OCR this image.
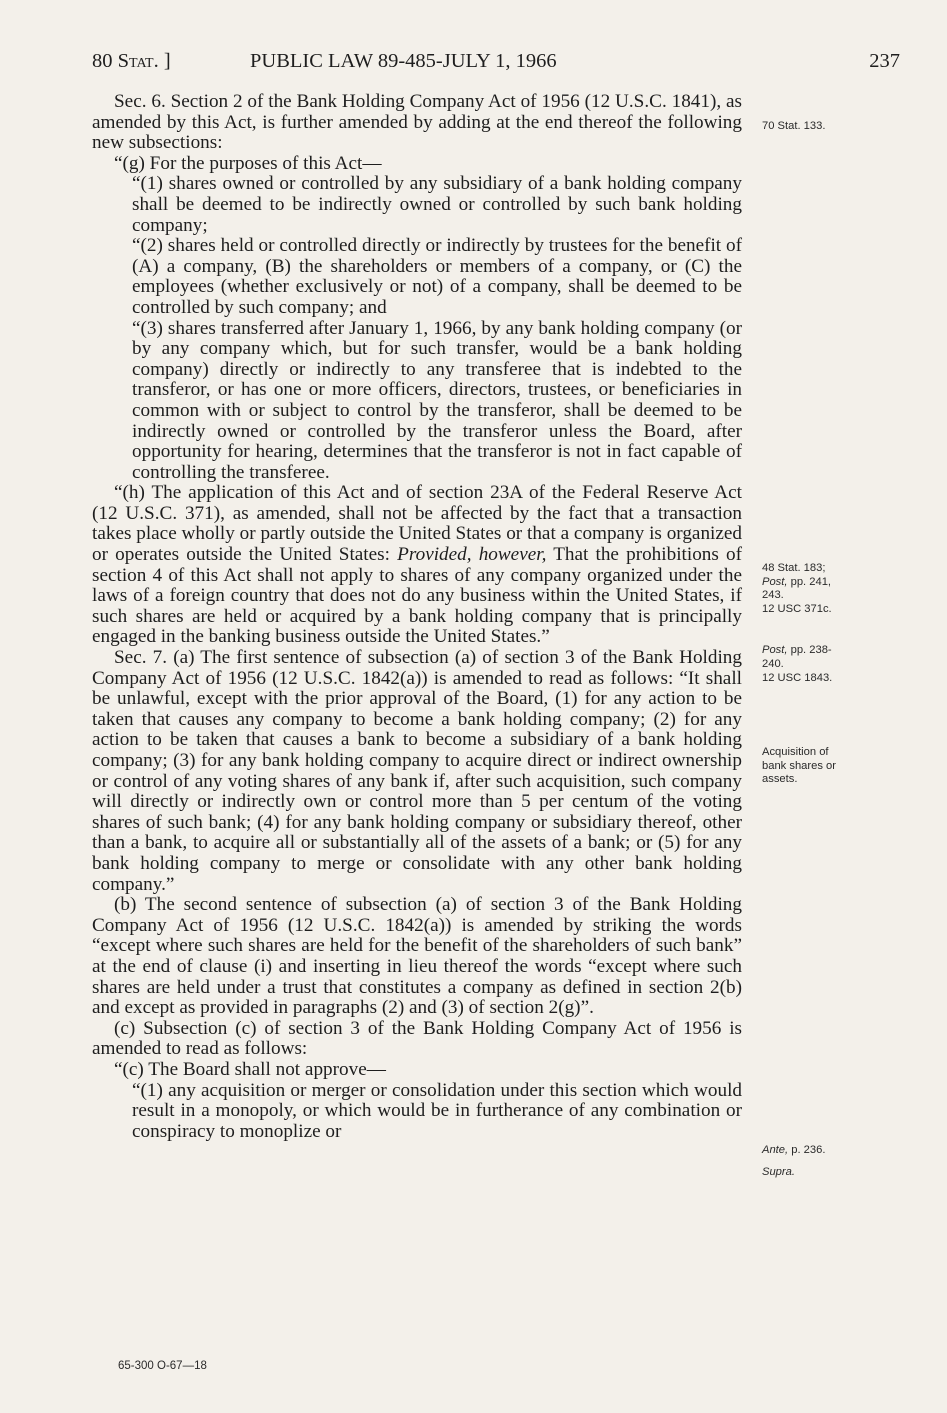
80 Stat. ]	PUBLIC LAW 89-485-JULY 1, 1966	237

Sec. 6. Section 2 of the Bank Holding Company Act of 1956 (12 U.S.C. 1841), as amended by this Act, is further amended by adding at the end thereof the following new subsections:

“(g) For the purposes of this Act—

“(1) shares owned or controlled by any subsidiary of a bank holding company shall be deemed to be indirectly owned or controlled by such bank holding company;

“(2) shares held or controlled directly or indirectly by trustees for the benefit of (A) a company, (B) the shareholders or members of a company, or (C) the employees (whether exclusively or not) of a company, shall be deemed to be controlled by such company; and

“(3) shares transferred after January 1, 1966, by any bank holding company (or by any company which, but for such transfer, would be a bank holding company) directly or indirectly to any transferee that is indebted to the transferor, or has one or more officers, directors, trustees, or beneficiaries in common with or subject to control by the transferor, shall be deemed to be indirectly owned or controlled by the transferor unless the Board, after opportunity for hearing, determines that the transferor is not in fact capable of controlling the transferee.

“(h) The application of this Act and of section 23A of the Federal Reserve Act (12 U.S.C. 371), as amended, shall not be affected by the fact that a transaction takes place wholly or partly outside the United States or that a company is organized or operates outside the United States: Provided, however, That the prohibitions of section 4 of this Act shall not apply to shares of any company organized under the laws of a foreign country that does not do any business within the United States, if such shares are held or acquired by a bank holding company that is principally engaged in the banking business outside the United States.”

Sec. 7. (a) The first sentence of subsection (a) of section 3 of the Bank Holding Company Act of 1956 (12 U.S.C. 1842(a)) is amended to read as follows: “It shall be unlawful, except with the prior approval of the Board, (1) for any action to be taken that causes any company to become a bank holding company; (2) for any action to be taken that causes a bank to become a subsidiary of a bank holding company; (3) for any bank holding company to acquire direct or indirect ownership or control of any voting shares of any bank if, after such acquisition, such company will directly or indirectly own or control more than 5 per centum of the voting shares of such bank; (4) for any bank holding company or subsidiary thereof, other than a bank, to acquire all or substantially all of the assets of a bank; or (5) for any bank holding company to merge or consolidate with any other bank holding company.”

(b) The second sentence of subsection (a) of section 3 of the Bank Holding Company Act of 1956 (12 U.S.C. 1842(a)) is amended by striking the words “except where such shares are held for the benefit of the shareholders of such bank” at the end of clause (i) and inserting in lieu thereof the words “except where such shares are held under a trust that constitutes a company as defined in section 2(b) and except as provided in paragraphs (2) and (3) of section 2(g)”.

(c) Subsection (c) of section 3 of the Bank Holding Company Act of 1956 is amended to read as follows:

“(c) The Board shall not approve—

“(1) any acquisition or merger or consolidation under this section which would result in a monopoly, or which would be in furtherance of any combination or conspiracy to monoplize or

70 Stat. 133.
48 Stat. 183;
Post, pp. 241,
243.
12 USC 371c.
Post, pp. 238-
240.
12 USC 1843.
Acquisition of
bank shares or
assets.
Ante, p. 236.
Supra.
65-300 O-67—18
